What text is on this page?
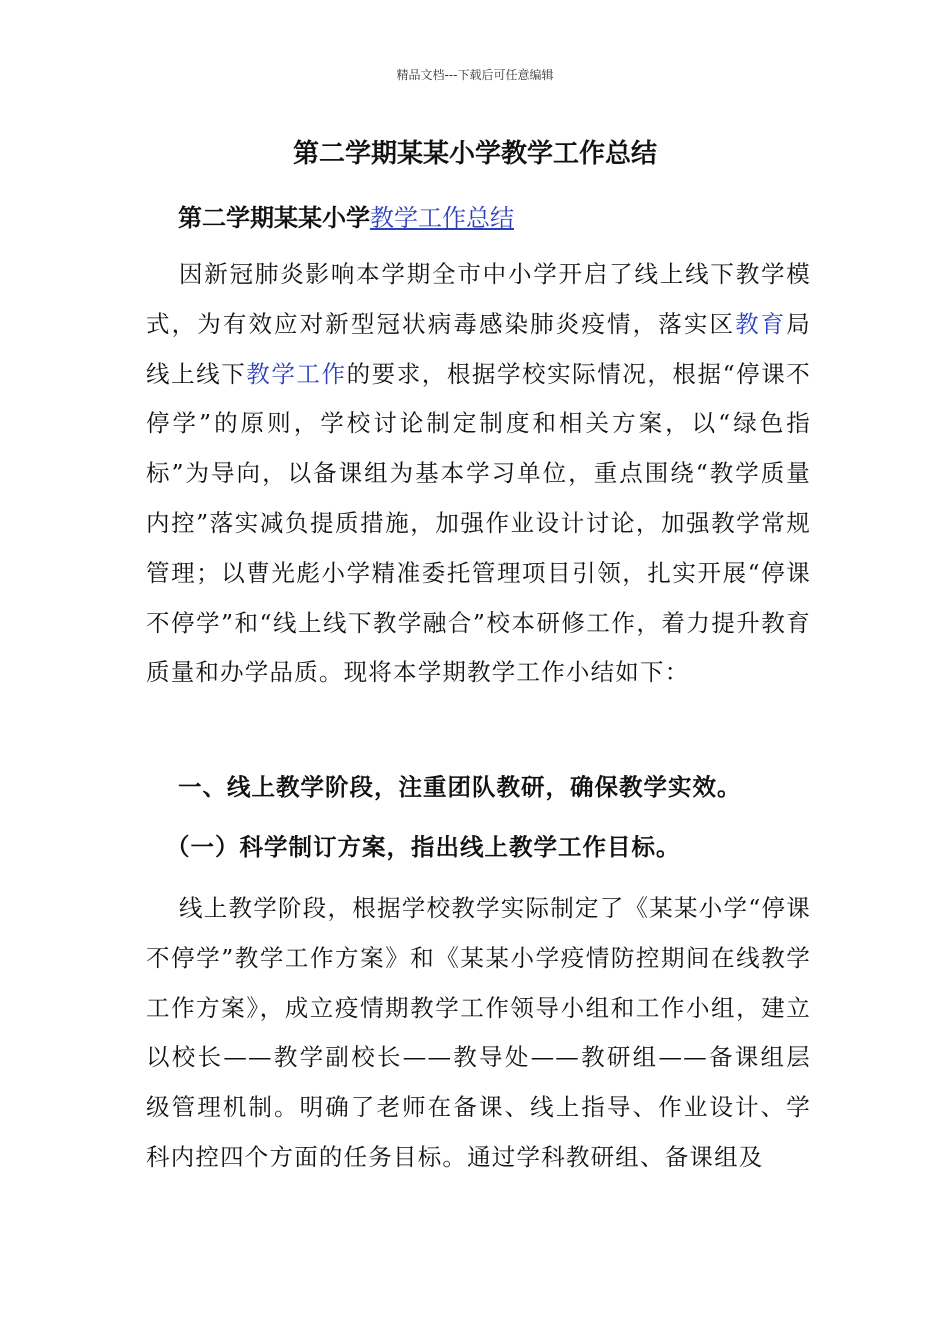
精品文档---下载后可任意编辑
第二学期某某小学教学工作总结
第二学期某某小学教学工作总结

因新冠肺炎影响本学期全市中小学开启了线上线下教学模式，为有效应对新型冠状病毒感染肺炎疫情，落实区教育局线上线下教学工作的要求，根据学校实际情况，根据“停课不停学”的原则，学校讨论制定制度和相关方案，以“绿色指标”为导向，以备课组为基本学习单位，重点围绕“教学质量内控”落实减负提质措施，加强作业设计讨论，加强教学常规管理；以曹光彪小学精准委托管理项目引领，扎实开展“停课不停学”和“线上线下教学融合”校本研修工作，着力提升教育质量和办学品质。现将本学期教学工作小结如下：

一、线上教学阶段，注重团队教研，确保教学实效。
（一）科学制订方案，指出线上教学工作目标。

线上教学阶段，根据学校教学实际制定了《某某小学“停课不停学”教学工作方案》和《某某小学疫情防控期间在线教学工作方案》，成立疫情期教学工作领导小组和工作小组，建立以校长——教学副校长——教导处——教研组——备课组层级管理机制。明确了老师在备课、线上指导、作业设计、学科内控四个方面的任务目标。通过学科教研组、备课组及
